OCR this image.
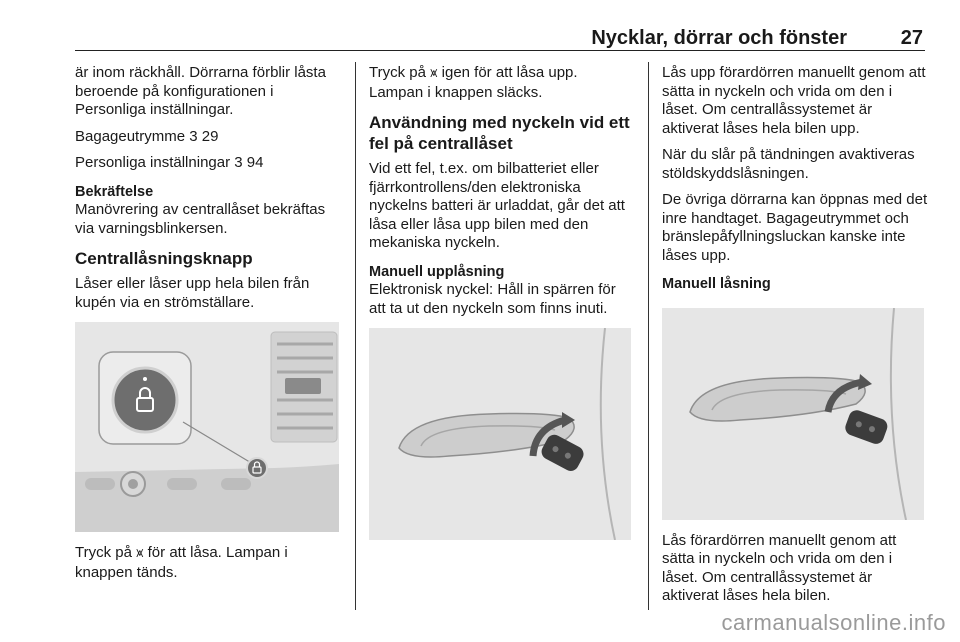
Nycklar, dörrar och fönster	27

är inom räckhåll. Dörrarna förblir låsta beroende på konfigurationen i Personliga inställningar.

Bagageutrymme 3 29

Personliga inställningar 3 94

Bekräftelse

Manövrering av centrallåset bekräftas via varningsblinkersen.

Centrallåsningsknapp

Låser eller låser upp hela bilen från kupén via en strömställare.

Tryck på ⩙ för att låsa. Lampan i knappen tänds.

Tryck på ⩙ igen för att låsa upp. Lampan i knappen släcks.

Användning med nyckeln vid ett fel på centrallåset

Vid ett fel, t.ex. om bilbatteriet eller fjärrkontrollens/den elektroniska nyckelns batteri är urladdat, går det att låsa eller låsa upp bilen med den mekaniska nyckeln.

Manuell upplåsning

Elektronisk nyckel: Håll in spärren för att ta ut den nyckeln som finns inuti.

Lås upp förardörren manuellt genom att sätta in nyckeln och vrida om den i låset. Om centrallåssystemet är aktiverat låses hela bilen upp.

När du slår på tändningen avaktiveras stöldskyddslåsningen.

De övriga dörrarna kan öppnas med det inre handtaget. Bagageutrymmet och bränslepåfyllningsluckan kanske inte låses upp.

Manuell låsning

Lås förardörren manuellt genom att sätta in nyckeln och vrida om den i låset. Om centrallåssystemet är aktiverat låses hela bilen.

carmanualsonline.info
